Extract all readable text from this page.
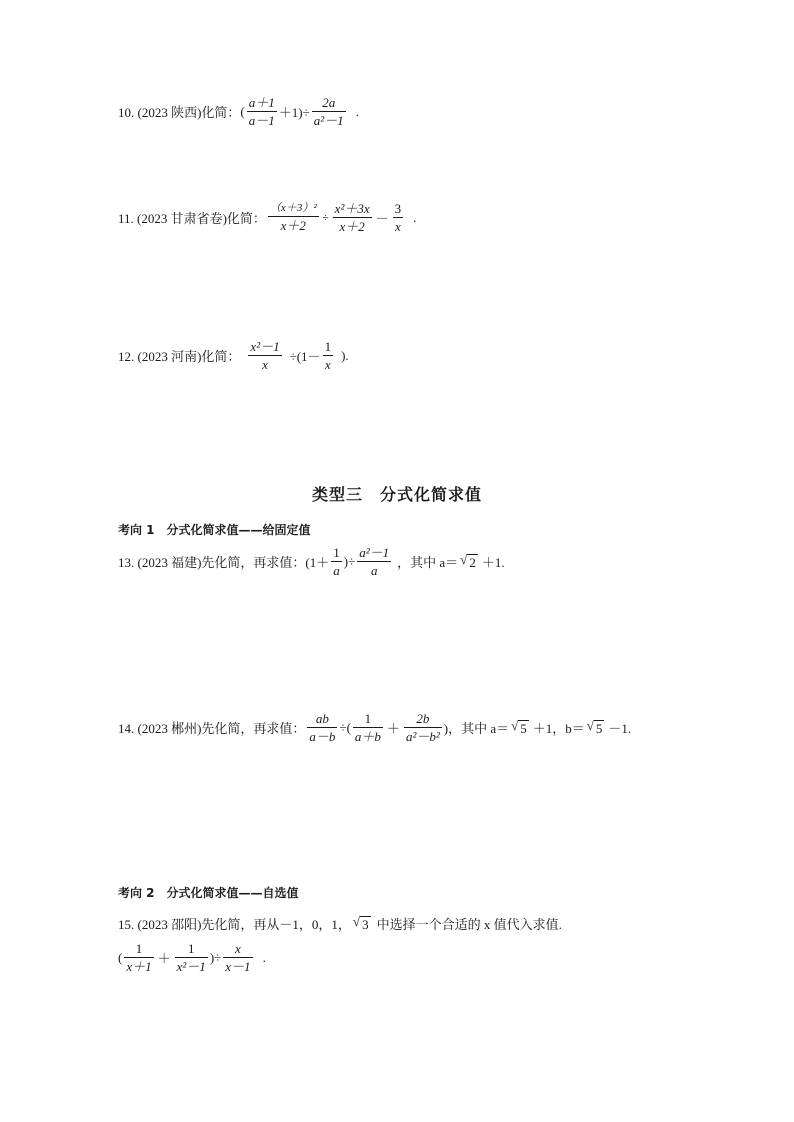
10. (2023 陕西)化简： ( $\frac{a+1}{a-1} +1)\div \frac{2a}{\text{a²－1}}$ .
11. (2023 甘肃省卷)化简： $\frac{\text{（x＋3）²}}{x+2} \div \frac{\text{x²＋3x}}{x+2} - \frac{3}{x}$ .
12. (2023 河南)化简： $\frac{\text{x²－1}}{x} \div(1- \frac{1}{x}$ ).
类型三　分式化简求值
考向 1　分式化简求值——给固定值
13. (2023 福建)先化简，再求值： ($1+ \frac{1}{a}$ )÷ $\frac{\text{a²－1}}{a}$ ，其中 a＝ √ 2 ＋1.
14. (2023 郴州)先化简，再求值： $\frac{ab}{a-b}$ ÷( $\frac{1}{a+b} + \frac{2b}{\text{a²－b²}}$ )，其中 a＝ √ 5 ＋1，b＝ √ 5 －1.
考向 2　分式化简求值——自选值
15. (2023 邵阳)先化简，再从－1，0，1， √ 3 中选择一个合适的 x 值代入求值.
( $\frac{1}{x+1} + \frac{1}{\text{x²－1}}$ )÷ $\frac{x}{x-1}$ .
